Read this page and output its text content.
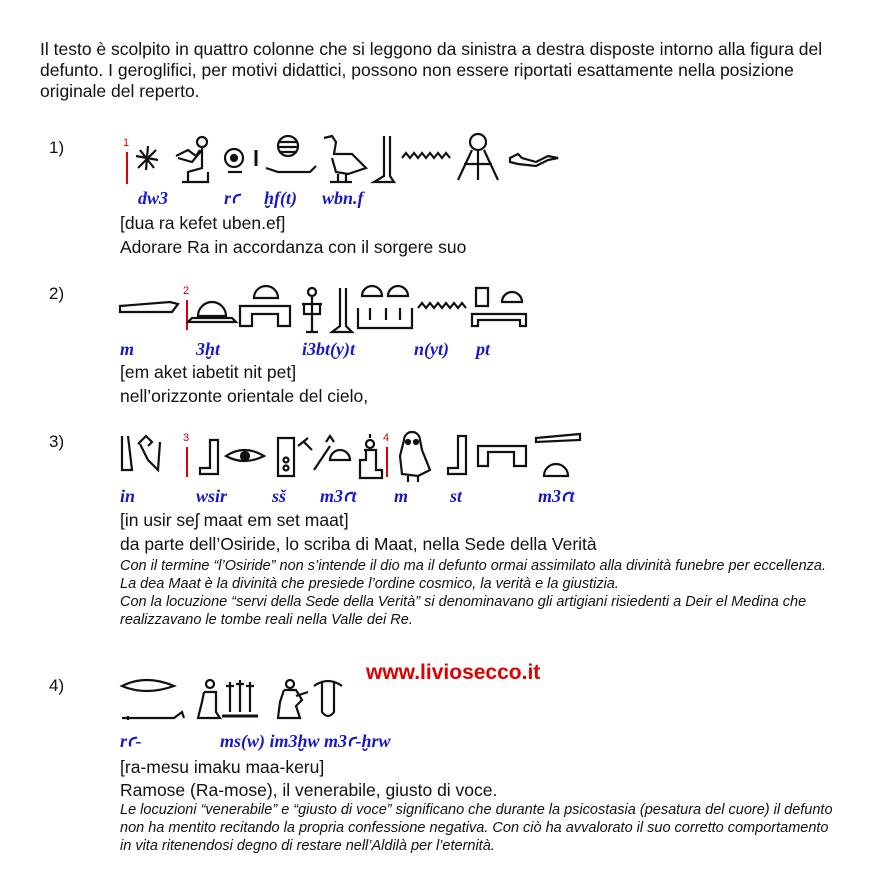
Il testo è scolpito in quattro colonne che si leggono da sinistra a destra disposte intorno alla figura del defunto. I geroglifici, per motivi didattici, possono non essere riportati esattamente nella posizione originale del reperto.
1)	1
dw3	rꜥ ḫf(t) wbn.f
[dua ra kefet uben.ef]
Adorare Ra in accordanza con il sorgere suo
2)	2
m	3ḫt	i3bt(y)t	n(yt) pt
[em aket iabetit nit pet]
nell’orizzonte orientale del cielo,
3)	3	4
in	wsir sš m3ꜥt m st	m3ꜥt
[in usir seʃ maat em set maat]
da parte dell’Osiride, lo scriba di Maat, nella Sede della Verità
Con il termine “l’Osiride” non s’intende il dio ma il defunto ormai assimilato alla divinità funebre per eccellenza.
La dea Maat è la divinità che presiede l’ordine cosmico, la verità e la giustizia.
Con la locuzione “servi della Sede della Verità” si denominavano gli artigiani risiedenti a Deir el Medina che realizzavano le tombe reali nella Valle dei Re.
www.liviosecco.it
4)
rꜥ-	ms(w) im3ḫw m3ꜥ-ḫrw
[ra-mesu imaku maa-keru]
Ramose (Ra-mose), il venerabile, giusto di voce.
Le locuzioni “venerabile” e “giusto di voce” significano che durante la psicostasia (pesatura del cuore) il defunto non ha mentito recitando la propria confessione negativa. Con ciò ha avvalorato il suo corretto comportamento in vita ritenendosi degno di restare nell’Aldilà per l’eternità.
